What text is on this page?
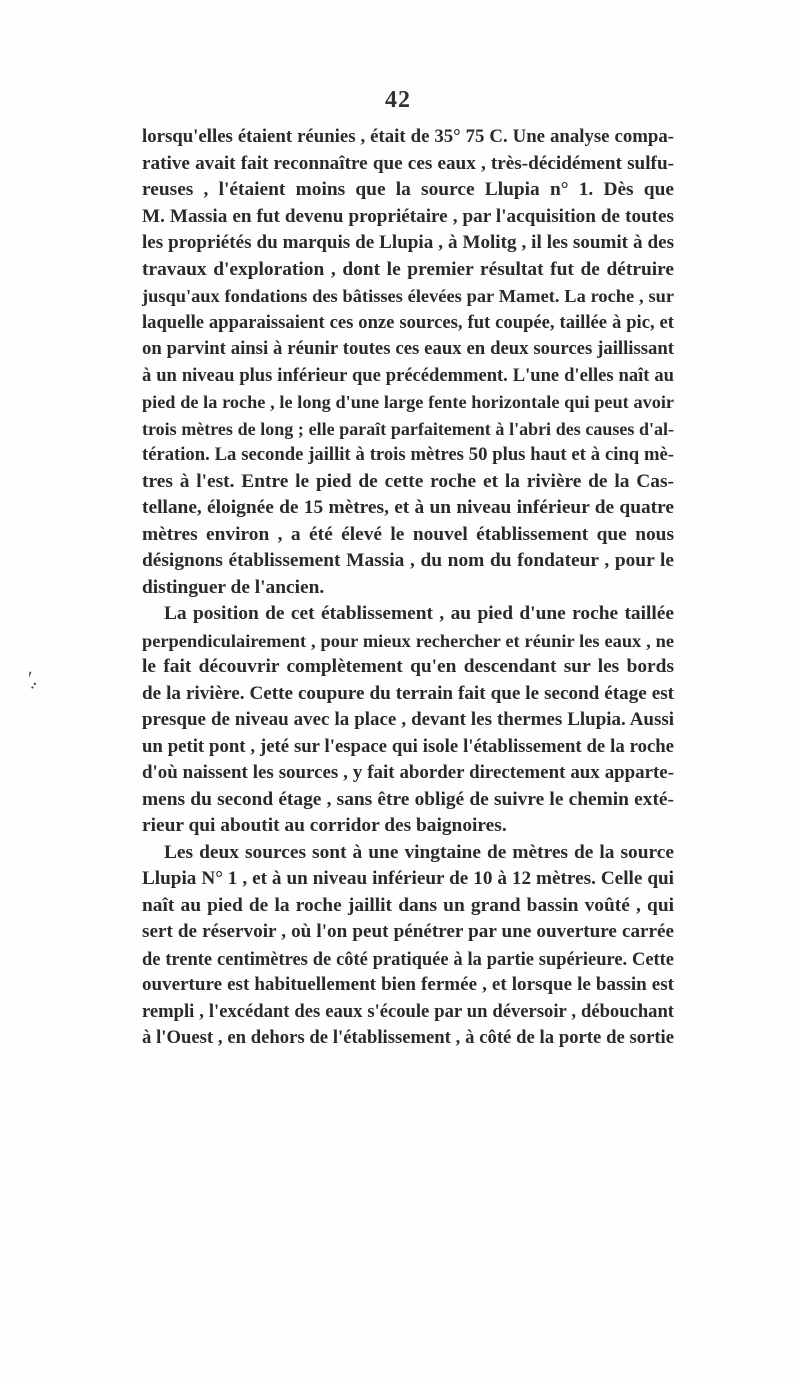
42
ʹ̣.
lorsqu'elles étaient réunies , était de 35° 75 C. Une analyse compa-
rative avait fait reconnaître que ces eaux , très-décidément sulfu-
reuses , l'étaient moins que la source Llupia n° 1. Dès que
M. Massia en fut devenu propriétaire , par l'acquisition de toutes
les propriétés du marquis de Llupia , à Molitg , il les soumit à des
travaux d'exploration , dont le premier résultat fut de détruire
jusqu'aux fondations des bâtisses élevées par Mamet. La roche , sur
laquelle apparaissaient ces onze sources, fut coupée, taillée à pic, et
on parvint ainsi à réunir toutes ces eaux en deux sources jaillissant
à un niveau plus inférieur que précédemment. L'une d'elles naît au
pied de la roche , le long d'une large fente horizontale qui peut avoir
trois mètres de long ; elle paraît parfaitement à l'abri des causes d'al-
tération. La seconde jaillit à trois mètres 50 plus haut et à cinq mè-
tres à l'est. Entre le pied de cette roche et la rivière de la Cas-
tellane, éloignée de 15 mètres, et à un niveau inférieur de quatre
mètres environ , a été élevé le nouvel établissement que nous
désignons établissement Massia , du nom du fondateur , pour le
distinguer de l'ancien.
La position de cet établissement , au pied d'une roche taillée
perpendiculairement , pour mieux rechercher et réunir les eaux , ne
le fait découvrir complètement qu'en descendant sur les bords
de la rivière. Cette coupure du terrain fait que le second étage est
presque de niveau avec la place , devant les thermes Llupia. Aussi
un petit pont , jeté sur l'espace qui isole l'établissement de la roche
d'où naissent les sources , y fait aborder directement aux apparte-
mens du second étage , sans être obligé de suivre le chemin exté-
rieur qui aboutit au corridor des baignoires.
Les deux sources sont à une vingtaine de mètres de la source
Llupia N° 1 , et à un niveau inférieur de 10 à 12 mètres. Celle qui
naît au pied de la roche jaillit dans un grand bassin voûté , qui
sert de réservoir , où l'on peut pénétrer par une ouverture carrée
de trente centimètres de côté pratiquée à la partie supérieure. Cette
ouverture est habituellement bien fermée , et lorsque le bassin est
rempli , l'excédant des eaux s'écoule par un déversoir , débouchant
à l'Ouest , en dehors de l'établissement , à côté de la porte de sortie
